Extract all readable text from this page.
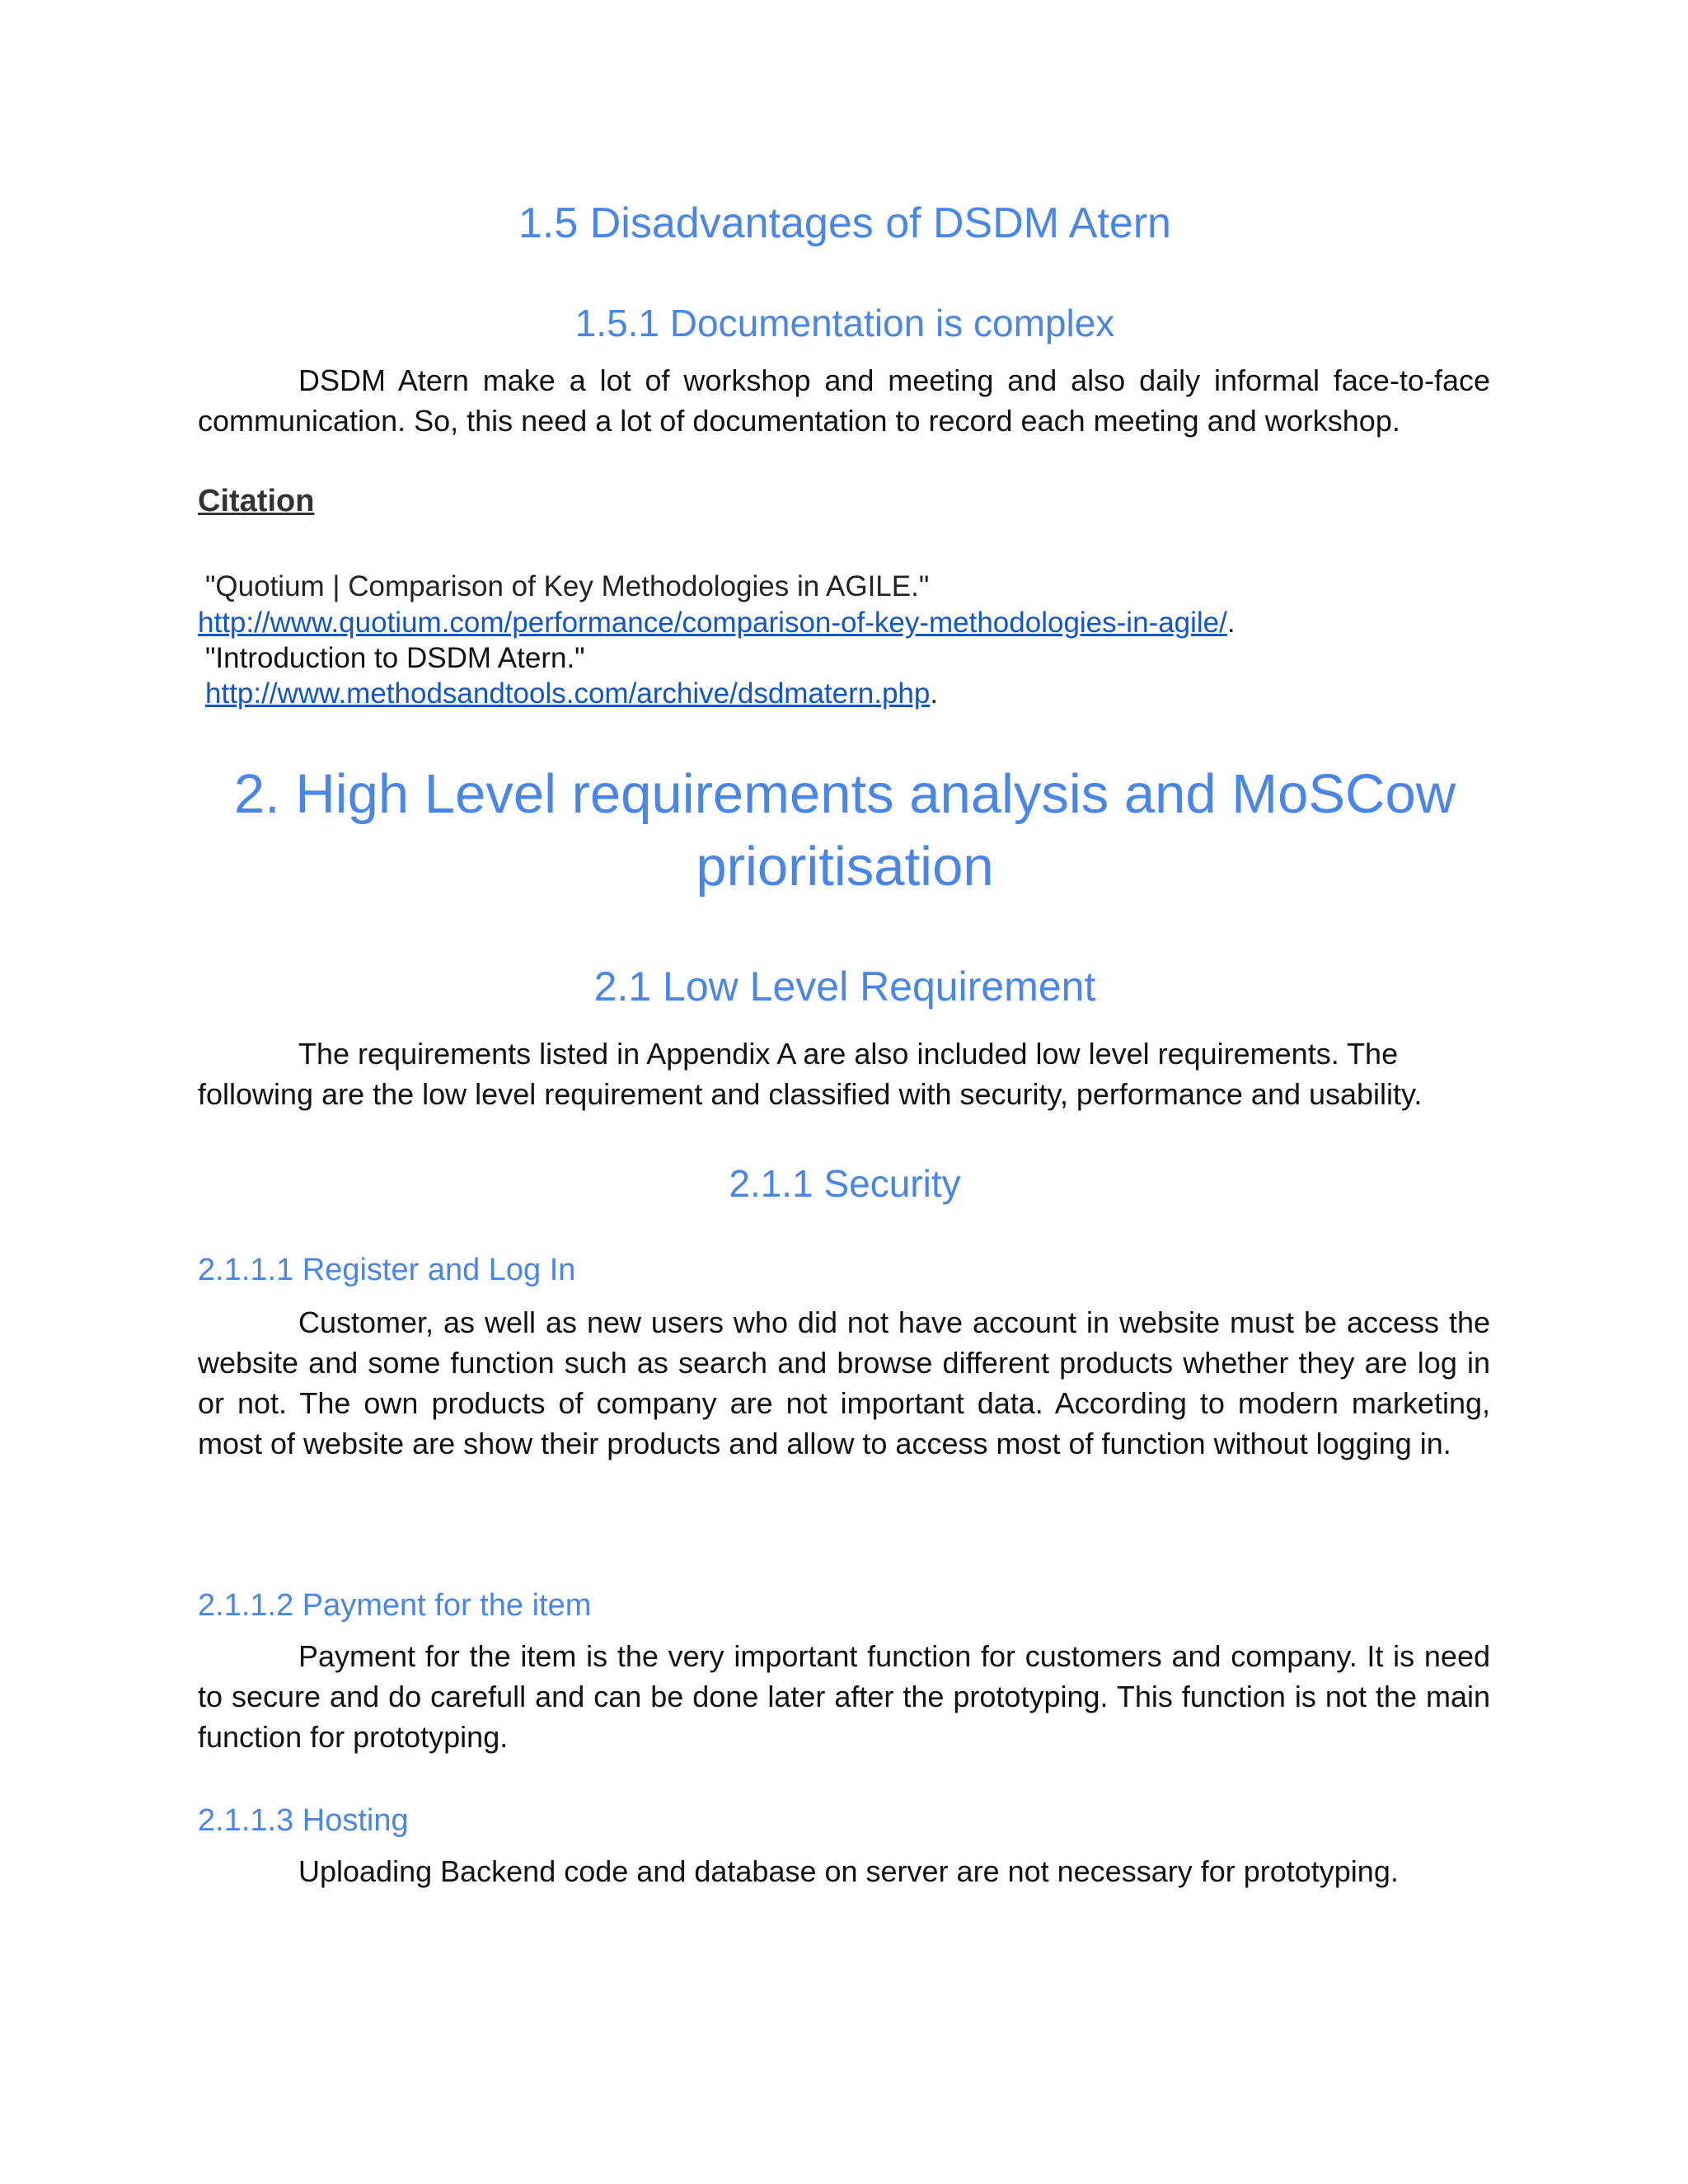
1.5 Disadvantages of DSDM Atern
1.5.1 Documentation is complex

DSDM Atern make a lot of workshop and meeting and also daily informal face-to-face communication. So, this need a lot of documentation to record each meeting and workshop.

Citation
"Quotium | Comparison of Key Methodologies in AGILE."
http://www.quotium.com/performance/comparison-of-key-methodologies-in-agile/.
"Introduction to DSDM Atern."
http://www.methodsandtools.com/archive/dsdmatern.php.
2. High Level requirements analysis and MoSCow prioritisation
2.1 Low Level Requirement

The requirements listed in Appendix A are also included low level requirements. The following are the low level requirement and classified with security, performance and usability.

2.1.1 Security
2.1.1.1 Register and Log In

Customer, as well as new users who did not have account in website must be access the website and some function such as search and browse different products whether they are log in or not. The own products of company are not important data. According to modern marketing, most of website are show their products and allow to access most of function without logging in.

2.1.1.2 Payment for the item

Payment for the item is the very important function for customers and company. It is need to secure and do carefull and can be done later after the prototyping. This function is not the main function for prototyping.

2.1.1.3 Hosting

Uploading Backend code and database on server are not necessary for prototyping.
